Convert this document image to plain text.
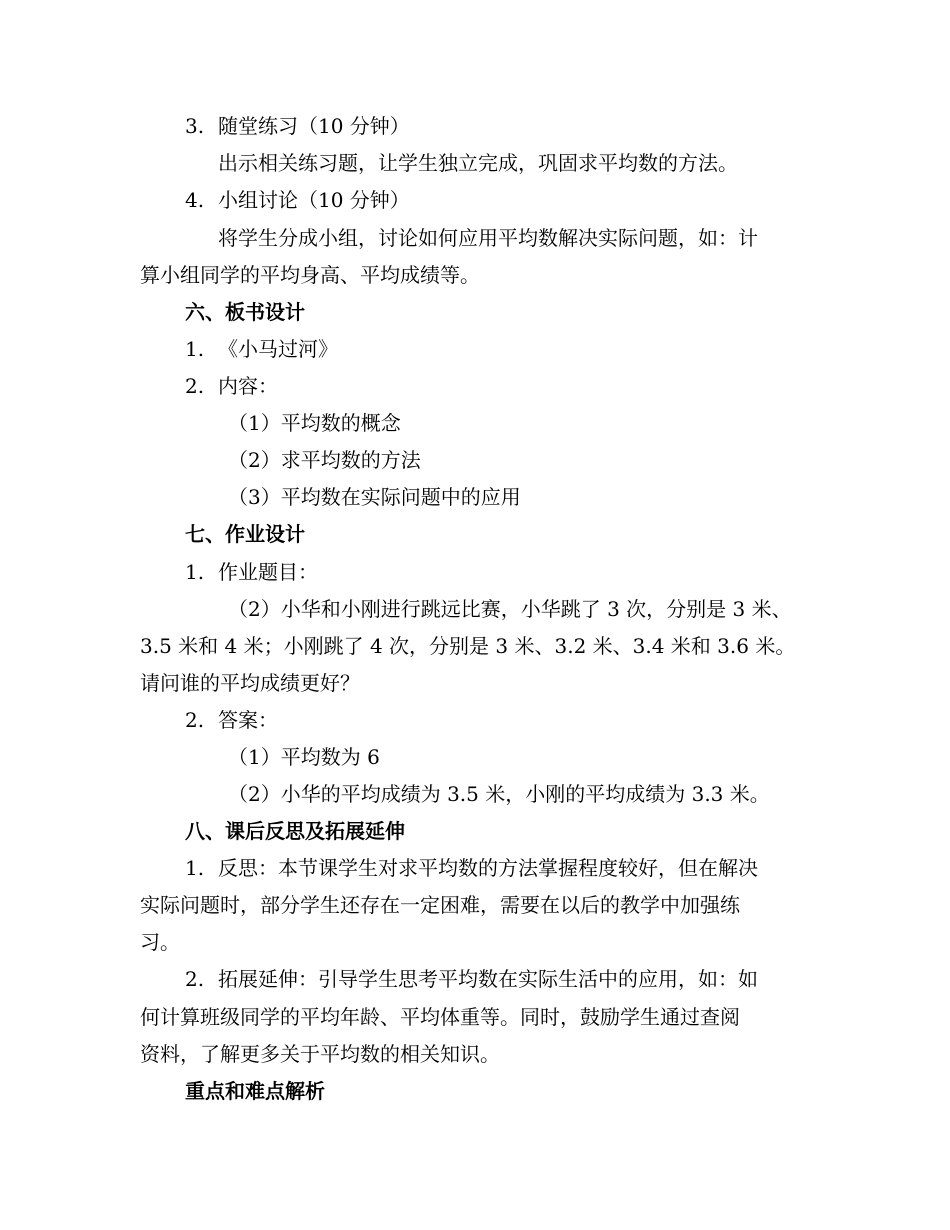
3. 随堂练习（10 分钟）
出示相关练习题，让学生独立完成，巩固求平均数的方法。
4. 小组讨论（10 分钟）
将学生分成小组，讨论如何应用平均数解决实际问题，如：计
算小组同学的平均身高、平均成绩等。
六、板书设计
1. 《小马过河》
2. 内容：
（1）平均数的概念
（2）求平均数的方法
（3）平均数在实际问题中的应用
七、作业设计
1. 作业题目：
（2）小华和小刚进行跳远比赛，小华跳了 3 次，分别是 3 米、
3.5 米和 4 米；小刚跳了 4 次，分别是 3 米、3.2 米、3.4 米和 3.6 米。
请问谁的平均成绩更好？
2. 答案：
（1）平均数为 6
（2）小华的平均成绩为 3.5 米，小刚的平均成绩为 3.3 米。
八、课后反思及拓展延伸
1. 反思：本节课学生对求平均数的方法掌握程度较好，但在解决
实际问题时，部分学生还存在一定困难，需要在以后的教学中加强练
习。
2. 拓展延伸：引导学生思考平均数在实际生活中的应用，如：如
何计算班级同学的平均年龄、平均体重等。同时，鼓励学生通过查阅
资料，了解更多关于平均数的相关知识。
重点和难点解析
